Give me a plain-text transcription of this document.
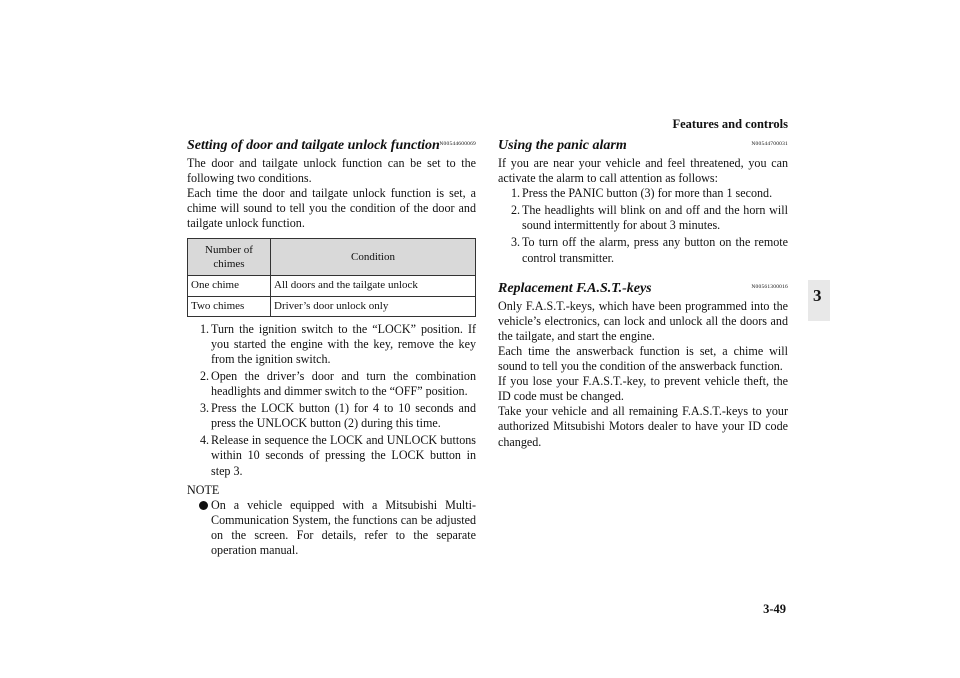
Features and controls
3
3-49
Setting of door and tailgate unlock function N00544600069

The door and tailgate unlock function can be set to the following two conditions.

Each time the door and tailgate unlock function is set, a chime will sound to tell you the condition of the door and tailgate unlock function.

Number of chimes	Condition
One chime	All doors and the tailgate unlock
Two chimes	Driver’s door unlock only
1. Turn the ignition switch to the “LOCK” position. If you started the engine with the key, remove the key from the ignition switch.
2. Open the driver’s door and turn the combination headlights and dimmer switch to the “OFF” position.
3. Press the LOCK button (1) for 4 to 10 seconds and press the UNLOCK button (2) during this time.
4. Release in sequence the LOCK and UNLOCK buttons within 10 seconds of pressing the LOCK button in step 3.
NOTE
On a vehicle equipped with a Mitsubishi Multi-Communication System, the functions can be adjusted on the screen. For details, refer to the separate operation manual.
Using the panic alarm	N00544700031

If you are near your vehicle and feel threatened, you can activate the alarm to call attention as follows:

1. Press the PANIC button (3) for more than 1 second.
2. The headlights will blink on and off and the horn will sound intermittently for about 3 minutes.
3. To turn off the alarm, press any button on the remote control transmitter.
Replacement F.A.S.T.-keys	N00561300016

Only F.A.S.T.-keys, which have been programmed into the vehicle’s electronics, can lock and unlock all the doors and the tailgate, and start the engine.

Each time the answerback function is set, a chime will sound to tell you the condition of the answerback function.

If you lose your F.A.S.T.-key, to prevent vehicle theft, the ID code must be changed.

Take your vehicle and all remaining F.A.S.T.-keys to your authorized Mitsubishi Motors dealer to have your ID code changed.
